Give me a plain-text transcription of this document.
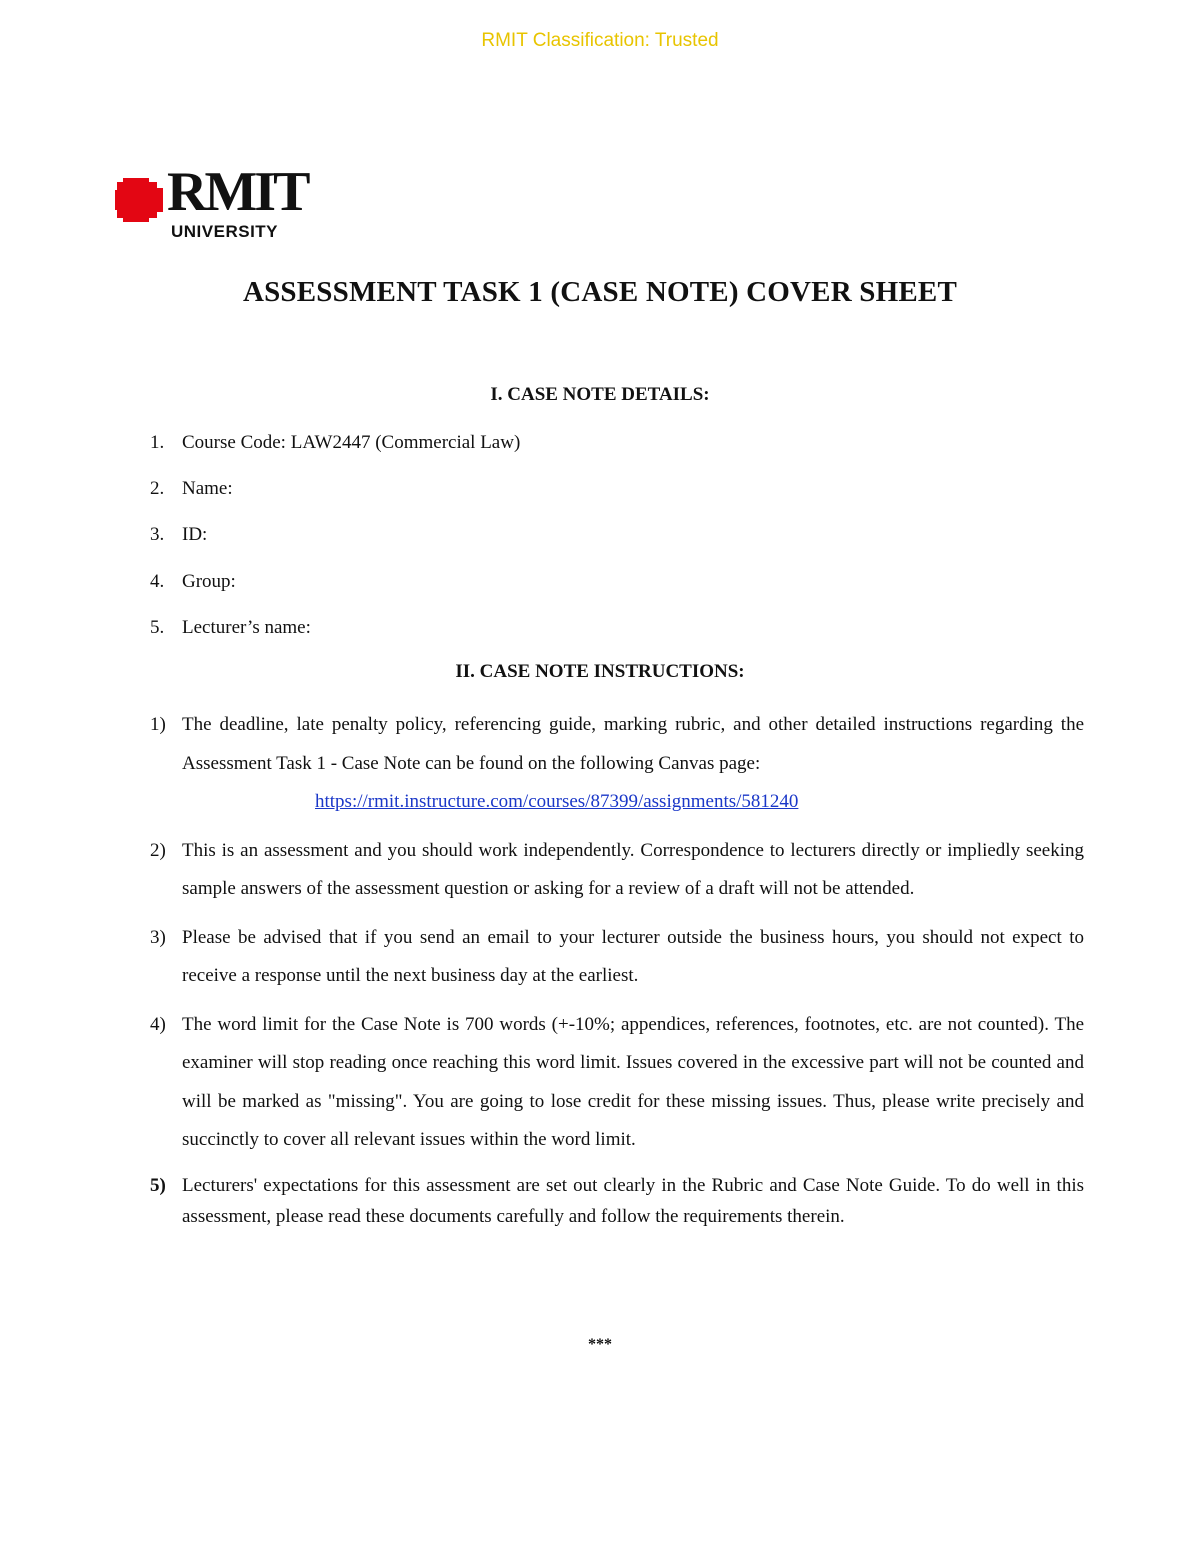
RMIT Classification: Trusted
RMIT
UNIVERSITY
ASSESSMENT TASK 1 (CASE NOTE) COVER SHEET
I. CASE NOTE DETAILS:
1. Course Code: LAW2447 (Commercial Law)
2. Name:
3. ID:
4. Group:
5. Lecturer’s name:
II. CASE NOTE INSTRUCTIONS:
1) The deadline, late penalty policy, referencing guide, marking rubric, and other detailed instructions regarding the Assessment Task 1 - Case Note can be found on the following Canvas page:
https://rmit.instructure.com/courses/87399/assignments/581240
2) This is an assessment and you should work independently. Correspondence to lecturers directly or impliedly seeking sample answers of the assessment question or asking for a review of a draft will not be attended.
3) Please be advised that if you send an email to your lecturer outside the business hours, you should not expect to receive a response until the next business day at the earliest.
4) The word limit for the Case Note is 700 words (+-10%; appendices, references, footnotes, etc. are not counted). The examiner will stop reading once reaching this word limit. Issues covered in the excessive part will not be counted and will be marked as "missing". You are going to lose credit for these missing issues. Thus, please write precisely and succinctly to cover all relevant issues within the word limit.
5) Lecturers' expectations for this assessment are set out clearly in the Rubric and Case Note Guide. To do well in this assessment, please read these documents carefully and follow the requirements therein.
***
